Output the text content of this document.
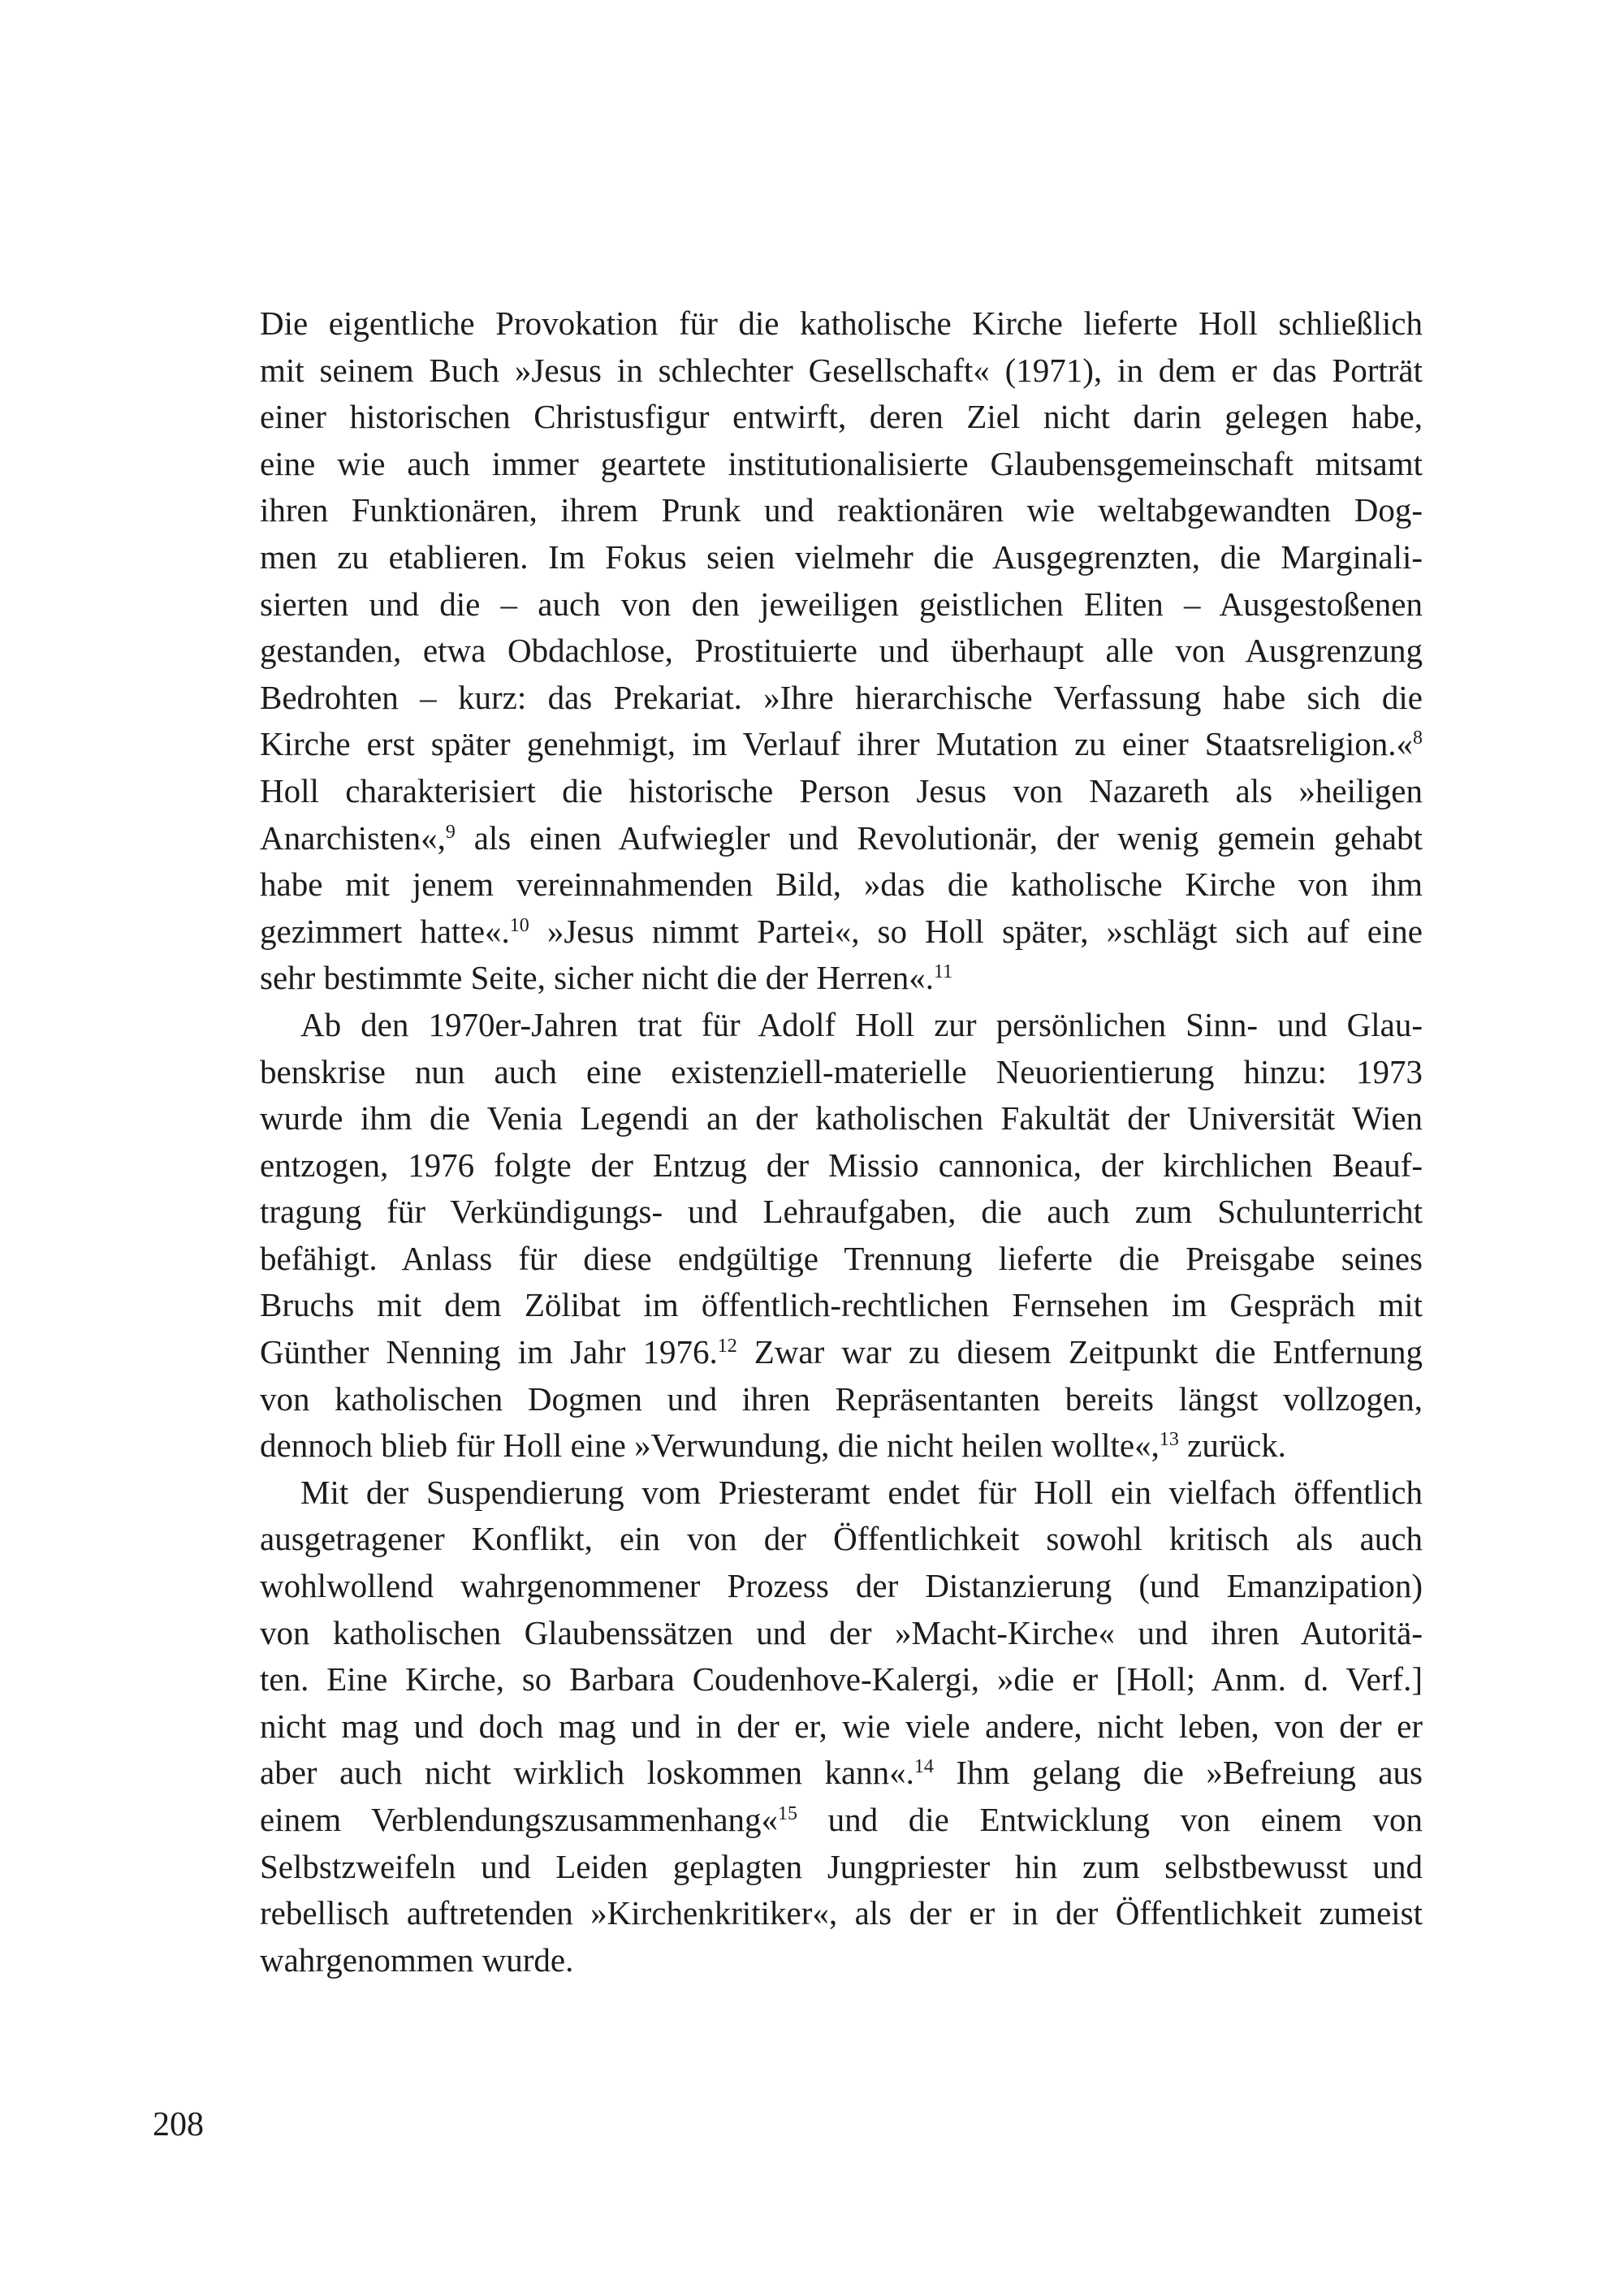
Die eigentliche Provokation für die katholische Kirche lieferte Holl schließlich
mit seinem Buch »Jesus in schlechter Gesellschaft« (1971), in dem er das Porträt
einer historischen Christusfigur entwirft, deren Ziel nicht darin gelegen habe,
eine wie auch immer geartete institutionalisierte Glaubensgemeinschaft mitsamt
ihren Funktionären, ihrem Prunk und reaktionären wie weltabgewandten Dog-
men zu etablieren. Im Fokus seien vielmehr die Ausgegrenzten, die Marginali-
sierten und die – auch von den jeweiligen geistlichen Eliten – Ausgestoßenen
gestanden, etwa Obdachlose, Prostituierte und überhaupt alle von Ausgrenzung
Bedrohten – kurz: das Prekariat. »Ihre hierarchische Verfassung habe sich die
Kirche erst später genehmigt, im Verlauf ihrer Mutation zu einer Staatsreligion.«$^8$
Holl charakterisiert die historische Person Jesus von Nazareth als »heiligen
Anarchisten«,$^9$ als einen Aufwiegler und Revolutionär, der wenig gemein gehabt
habe mit jenem vereinnahmenden Bild, »das die katholische Kirche von ihm
gezimmert hatte«.$^{10}$ »Jesus nimmt Partei«, so Holl später, »schlägt sich auf eine
sehr bestimmte Seite, sicher nicht die der Herren«.$^{11}$
Ab den 1970er-Jahren trat für Adolf Holl zur persönlichen Sinn- und Glau-
benskrise nun auch eine existenziell-materielle Neuorientierung hinzu: 1973
wurde ihm die Venia Legendi an der katholischen Fakultät der Universität Wien
entzogen, 1976 folgte der Entzug der Missio cannonica, der kirchlichen Beauf-
tragung für Verkündigungs- und Lehraufgaben, die auch zum Schulunterricht
befähigt. Anlass für diese endgültige Trennung lieferte die Preisgabe seines
Bruchs mit dem Zölibat im öffentlich-rechtlichen Fernsehen im Gespräch mit
Günther Nenning im Jahr 1976.12 Zwar war zu diesem Zeitpunkt die Entfernung
von katholischen Dogmen und ihren Repräsentanten bereits längst vollzogen,
dennoch blieb für Holl eine »Verwundung, die nicht heilen wollte«,$^{13}$ zurück.
Mit der Suspendierung vom Priesteramt endet für Holl ein vielfach öffentlich
ausgetragener Konflikt, ein von der Öffentlichkeit sowohl kritisch als auch
wohlwollend wahrgenommener Prozess der Distanzierung (und Emanzipation)
von katholischen Glaubenssätzen und der »Macht-Kirche« und ihren Autoritä-
ten. Eine Kirche, so Barbara Coudenhove-Kalergi, »die er [Holl; Anm. d. Verf.]
nicht mag und doch mag und in der er, wie viele andere, nicht leben, von der er
aber auch nicht wirklich loskommen kann«.$^{14}$ Ihm gelang die »Befreiung aus
einem Verblendungszusammenhang«$^{15}$ und die Entwicklung von einem von
Selbstzweifeln und Leiden geplagten Jungpriester hin zum selbstbewusst und
rebellisch auftretenden »Kirchenkritiker«, als der er in der Öffentlichkeit zumeist
wahrgenommen wurde.
208
